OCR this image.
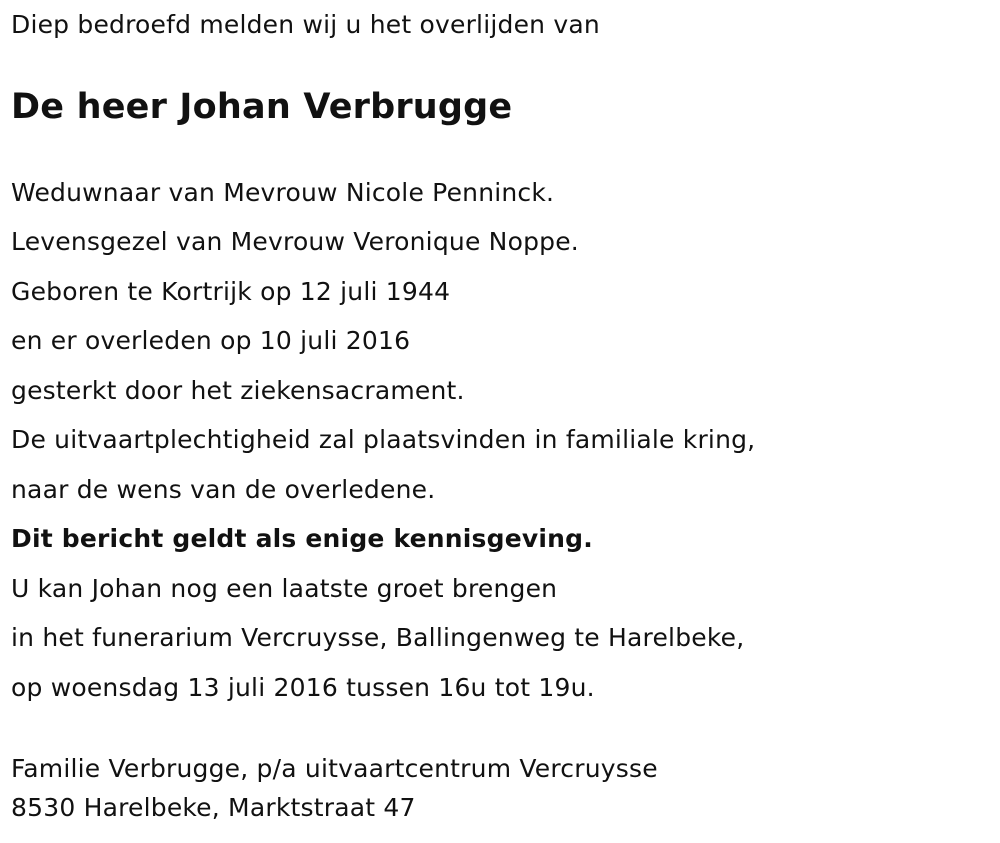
Diep bedroefd melden wij u het overlijden van
De heer Johan Verbrugge
Weduwnaar van Mevrouw Nicole Penninck.
Levensgezel van Mevrouw Veronique Noppe.
Geboren te Kortrijk op 12 juli 1944
en er overleden op 10 juli 2016
gesterkt door het ziekensacrament.
De uitvaartplechtigheid zal plaatsvinden in familiale kring,
naar de wens van de overledene.
Dit bericht geldt als enige kennisgeving.
U kan Johan nog een laatste groet brengen
in het funerarium Vercruysse, Ballingenweg te Harelbeke,
op woensdag 13 juli 2016 tussen 16u tot 19u.
Familie Verbrugge, p/a uitvaartcentrum Vercruysse
8530 Harelbeke, Marktstraat 47
